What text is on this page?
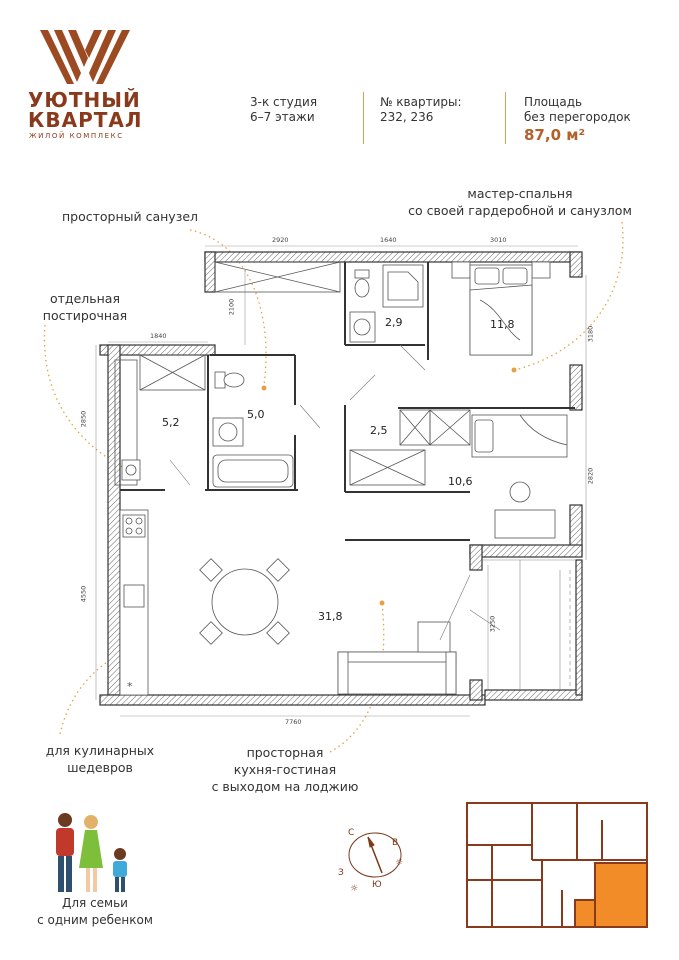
УЮТНЫЙ
КВАРТАЛ
ЖИЛОЙ КОМПЛЕКС
3-к студия
6–7 этажи
№ квартиры:
232, 236
Площадь
без перегородок
87,0 м²
просторный санузел
отдельная
постирочная
мастер-спальня
со своей гардеробной и санузлом
для кулинарных
шедевров
просторная
кухня-гостиная
с выходом на лоджию
*
2,9	11,8
5,2
5,0
2,5
10,6
31,8
2920	1640	3010
1840
2100
3180
2850
2820
4550
3250
7760
Для семьи
с одним ребенком
С
В
Ю
З
☼
☼
